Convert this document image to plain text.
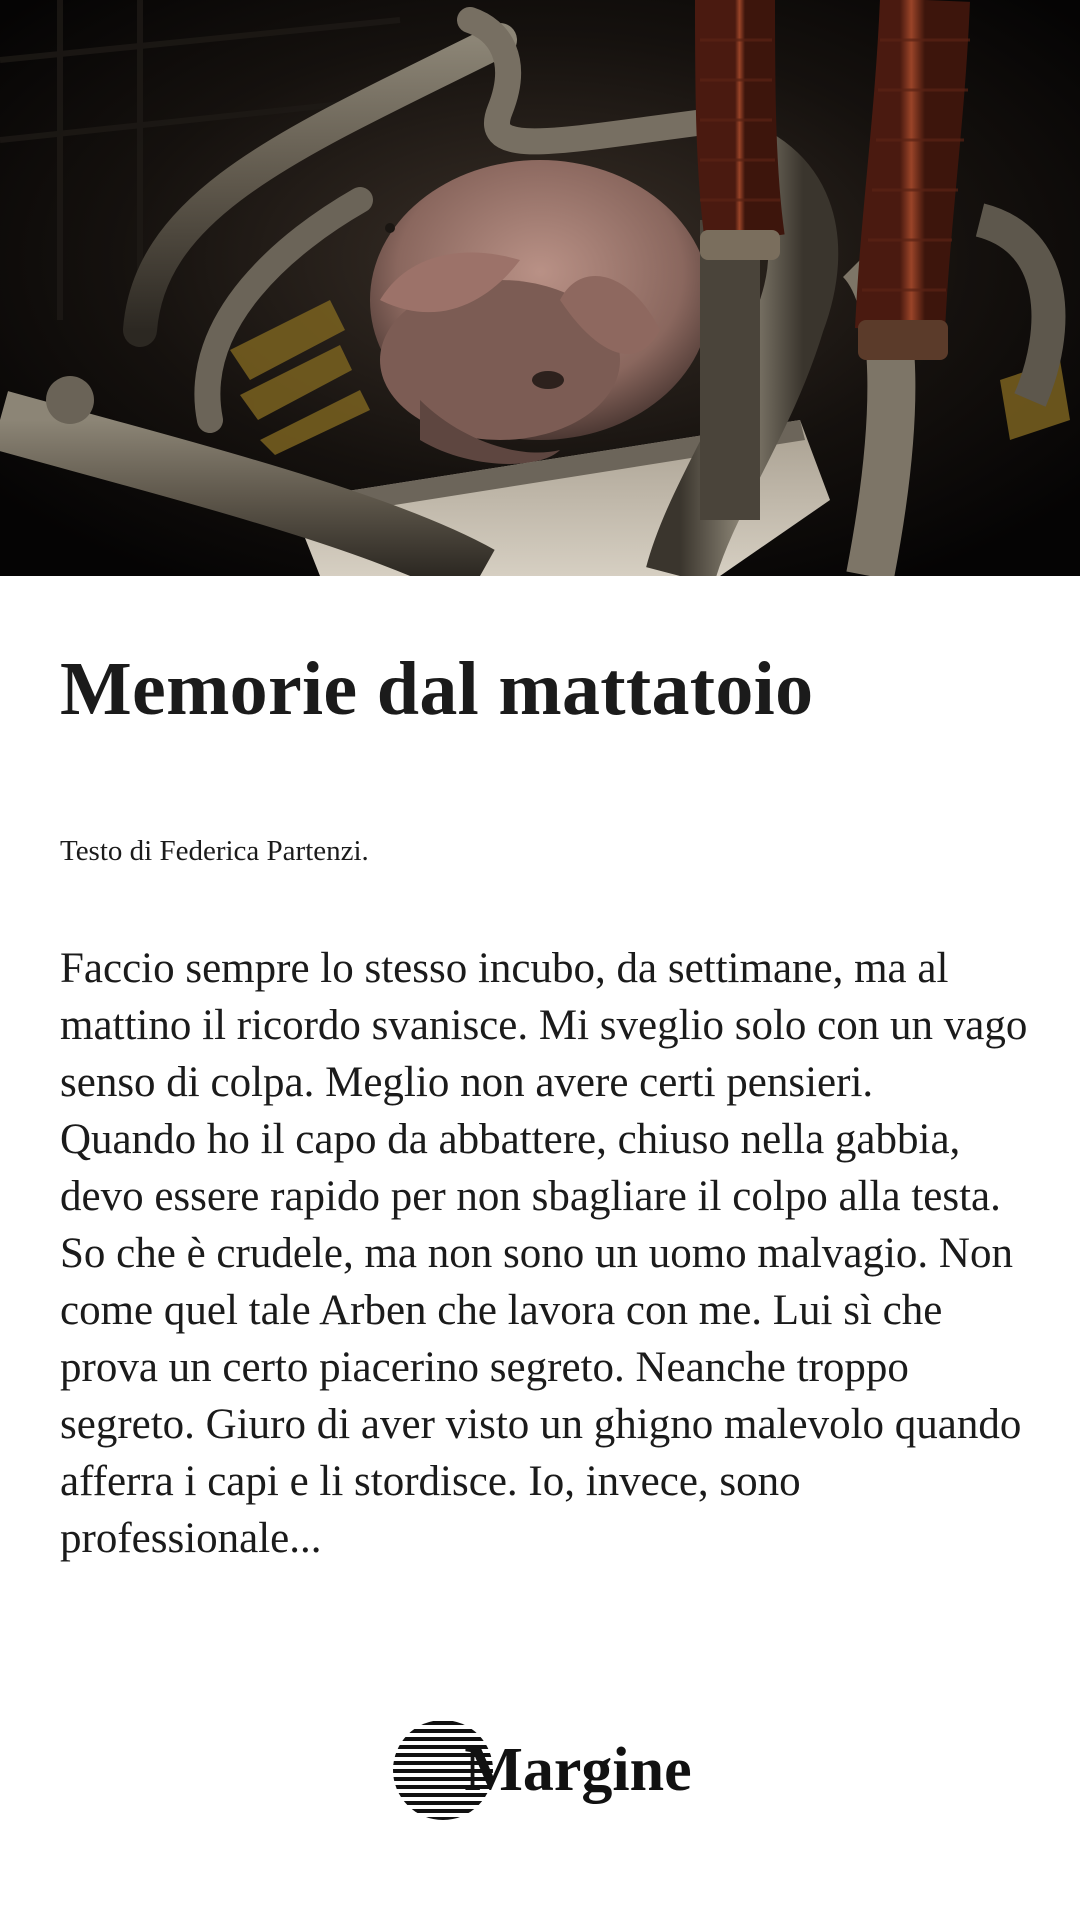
Memorie dal mattatoio

Testo di Federica Partenzi.

Faccio sempre lo stesso incubo, da settimane, ma al mattino il ricordo svanisce. Mi sveglio solo con un vago senso di colpa. Meglio non avere certi pensieri.

Quando ho il capo da abbattere, chiuso nella gabbia, devo essere rapido per non sbagliare il colpo alla testa. So che è crudele, ma non sono un uomo malvagio. Non come quel tale Arben che lavora con me. Lui sì che prova un certo piacerino segreto. Neanche troppo segreto. Giuro di aver visto un ghigno malevolo quando afferra i capi e li stordisce. Io, invece, sono professionale...

Margine
